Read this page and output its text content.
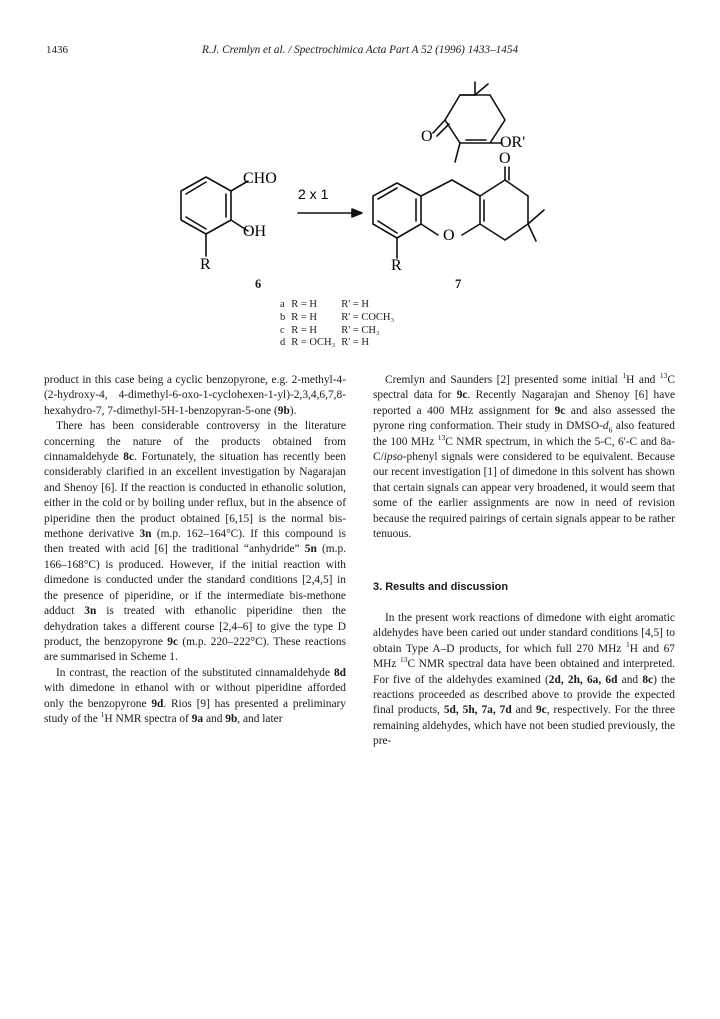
1436	R.J. Cremlyn et al. / Spectrochimica Acta Part A 52 (1996) 1433–1454
CHO
OH
R
2 x 1
O	OR'
O
O
R
6	7
a	R = H	R' = H
b	R = H	R' = COCH₃
c	R = H	R' = CH₃
d	R = OCH₃	R' = H

product in this case being a cyclic benzopyrone, e.g. 2-methyl-4-(2-hydroxy-4, 4-dimethyl-6-oxo-1-cyclohexen-1-yl)-2,3,4,6,7,8-hexahydro-7, 7-dimethyl-5H-1-benzopyran-5-one (9b).

There has been considerable controversy in the literature concerning the nature of the products obtained from cinnamaldehyde 8c. Fortunately, the situation has recently been considerably clarified in an excellent investigation by Nagarajan and Shenoy [6]. If the reaction is conducted in ethanolic solution, either in the cold or by boiling under reflux, but in the absence of piperidine then the product obtained [6,15] is the normal bis-methone derivative 3n (m.p. 162–164°C). If this compound is then treated with acid [6] the traditional “anhydride” 5n (m.p. 166–168°C) is produced. However, if the initial reaction with dimedone is conducted under the standard conditions [2,4,5] in the presence of piperidine, or if the intermediate bis-methone adduct 3n is treated with ethanolic piperidine then the dehydration takes a different course [2,4–6] to give the type D product, the benzopyrone 9c (m.p. 220–222°C). These reactions are summarised in Scheme 1.

In contrast, the reaction of the substituted cinnamaldehyde 8d with dimedone in ethanol with or without piperidine afforded only the benzopyrone 9d. Rios [9] has presented a preliminary study of the $^1$H NMR spectra of 9a and 9b, and later

Cremlyn and Saunders [2] presented some initial $^1$H and $^{13}$C spectral data for 9c. Recently Nagarajan and Shenoy [6] have reported a 400 MHz assignment for 9c and also assessed the pyrone ring conformation. Their study in DMSO-$d_6$ also featured the 100 MHz $^{13}$C NMR spectrum, in which the 5-C, 6'-C and 8a-C/ipso-phenyl signals were considered to be equivalent. Because our recent investigation [1] of dimedone in this solvent has shown that certain signals can appear very broadened, it would seem that some of the earlier assignments are now in need of revision because the required pairings of certain signals appear to be rather tenuous.

3. Results and discussion

In the present work reactions of dimedone with eight aromatic aldehydes have been caried out under standard conditions [4,5] to obtain Type A–D products, for which full 270 MHz $^1$H and 67 MHz $^{13}$C NMR spectral data have been obtained and interpreted. For five of the aldehydes examined (2d, 2h, 6a, 6d and 8c) the reactions proceeded as described above to provide the expected final products, 5d, 5h, 7a, 7d and 9c, respectively. For the three remaining aldehydes, which have not been studied previously, the pre-
